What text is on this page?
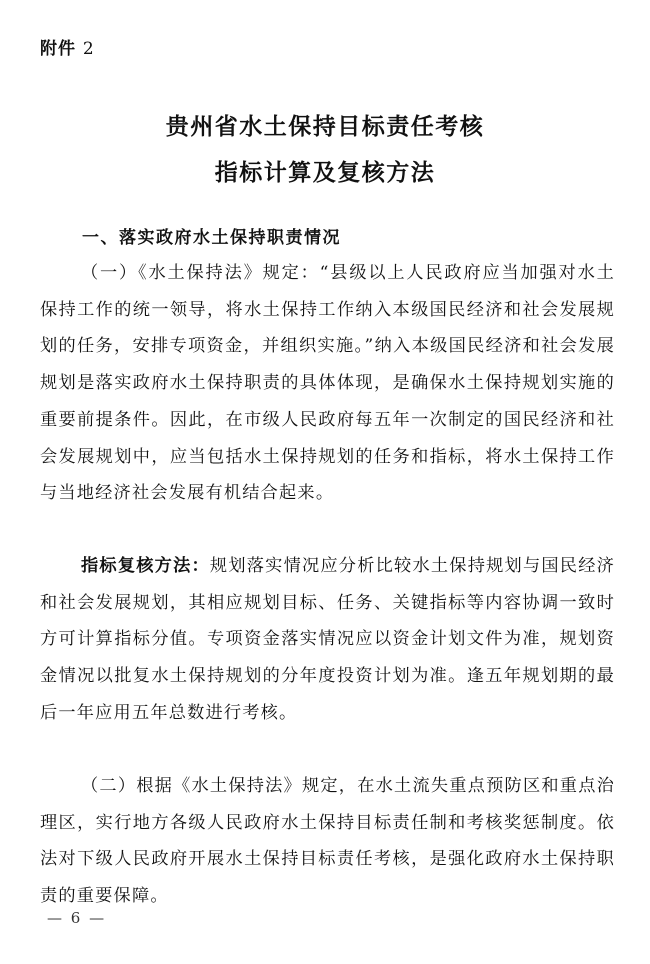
附件 2
贵州省水土保持目标责任考核
指标计算及复核方法
一、落实政府水土保持职责情况

（一）《水土保持法》规定：“县级以上人民政府应当加强对水土保持工作的统一领导，将水土保持工作纳入本级国民经济和社会发展规划的任务，安排专项资金，并组织实施。”纳入本级国民经济和社会发展规划是落实政府水土保持职责的具体体现，是确保水土保持规划实施的重要前提条件。因此，在市级人民政府每五年一次制定的国民经济和社会发展规划中，应当包括水土保持规划的任务和指标，将水土保持工作与当地经济社会发展有机结合起来。

指标复核方法：规划落实情况应分析比较水土保持规划与国民经济和社会发展规划，其相应规划目标、任务、关键指标等内容协调一致时方可计算指标分值。专项资金落实情况应以资金计划文件为准，规划资金情况以批复水土保持规划的分年度投资计划为准。逢五年规划期的最后一年应用五年总数进行考核。

（二）根据《水土保持法》规定，在水土流失重点预防区和重点治理区，实行地方各级人民政府水土保持目标责任制和考核奖惩制度。依法对下级人民政府开展水土保持目标责任考核，是强化政府水土保持职责的重要保障。

— 6 —
